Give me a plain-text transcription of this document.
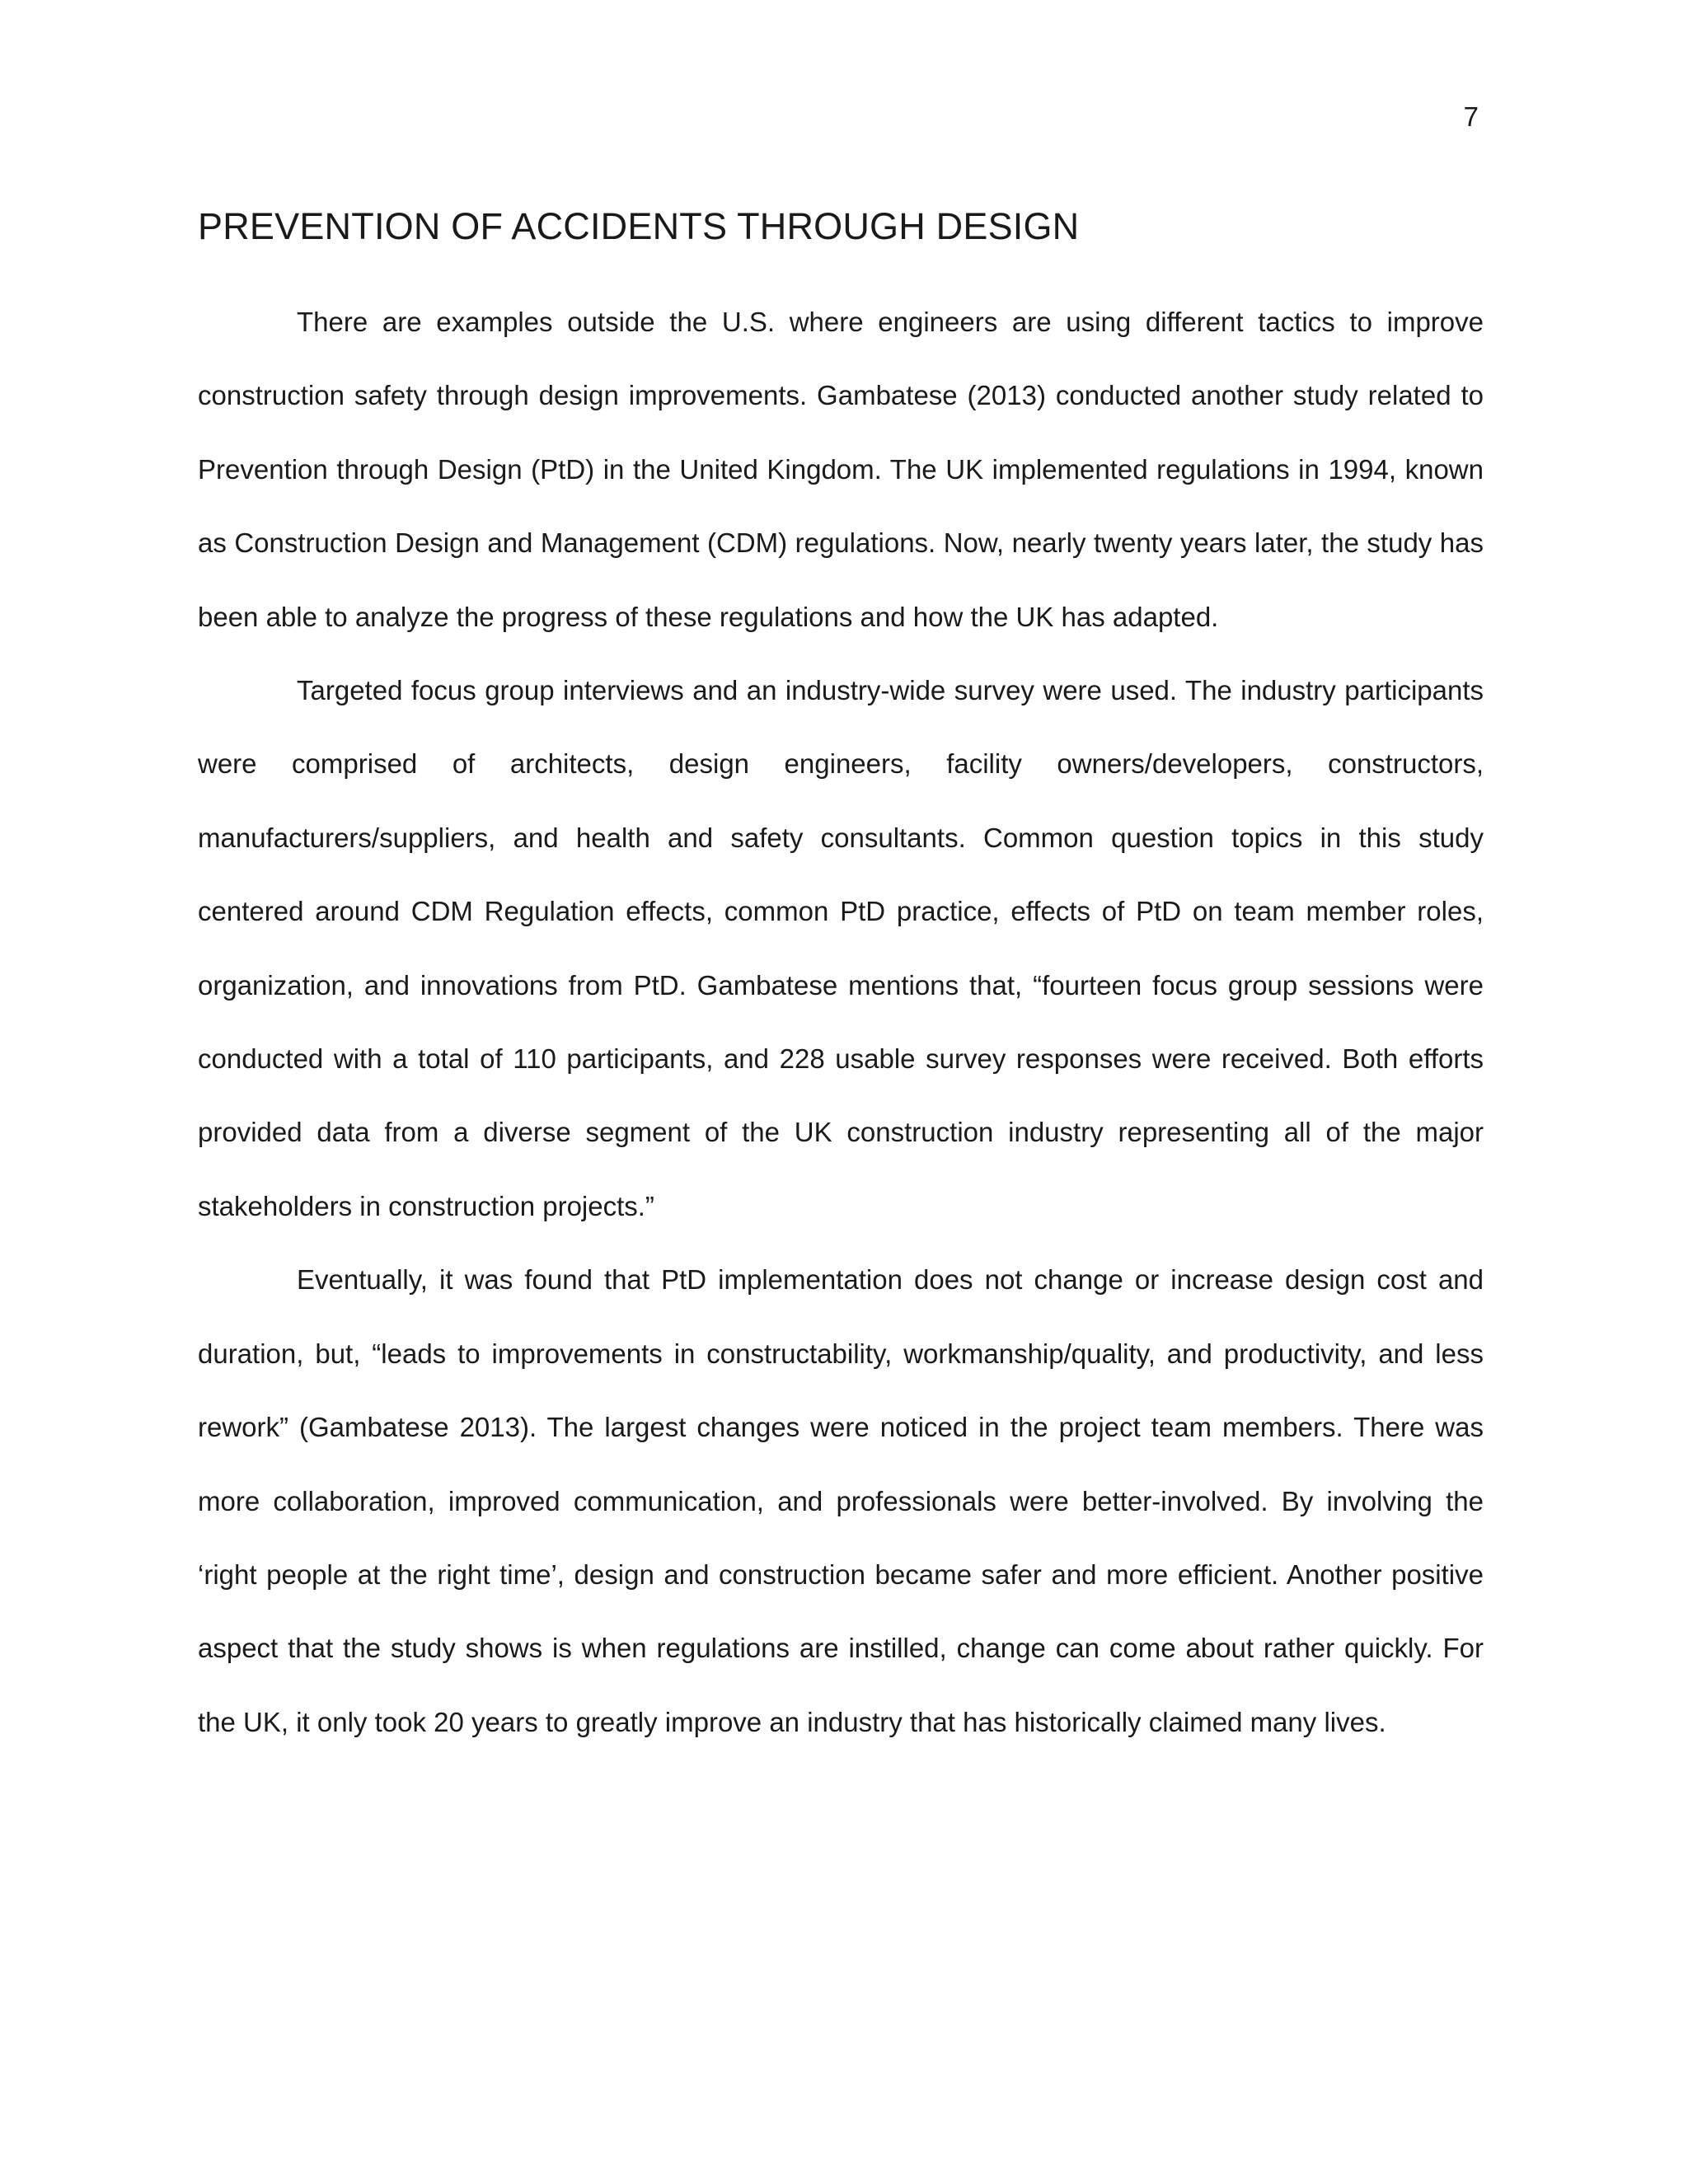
7

PREVENTION OF ACCIDENTS THROUGH DESIGN

There are examples outside the U.S. where engineers are using different tactics to improve construction safety through design improvements. Gambatese (2013) conducted another study related to Prevention through Design (PtD) in the United Kingdom. The UK implemented regulations in 1994, known as Construction Design and Management (CDM) regulations. Now, nearly twenty years later, the study has been able to analyze the progress of these regulations and how the UK has adapted.

Targeted focus group interviews and an industry-wide survey were used. The industry participants were comprised of architects, design engineers, facility owners/developers, constructors, manufacturers/suppliers, and health and safety consultants. Common question topics in this study centered around CDM Regulation effects, common PtD practice, effects of PtD on team member roles, organization, and innovations from PtD. Gambatese mentions that, “fourteen focus group sessions were conducted with a total of 110 participants, and 228 usable survey responses were received. Both efforts provided data from a diverse segment of the UK construction industry representing all of the major stakeholders in construction projects.”

Eventually, it was found that PtD implementation does not change or increase design cost and duration, but, “leads to improvements in constructability, workmanship/quality, and productivity, and less rework” (Gambatese 2013). The largest changes were noticed in the project team members. There was more collaboration, improved communication, and professionals were better-involved. By involving the ‘right people at the right time’, design and construction became safer and more efficient. Another positive aspect that the study shows is when regulations are instilled, change can come about rather quickly. For the UK, it only took 20 years to greatly improve an industry that has historically claimed many lives.
